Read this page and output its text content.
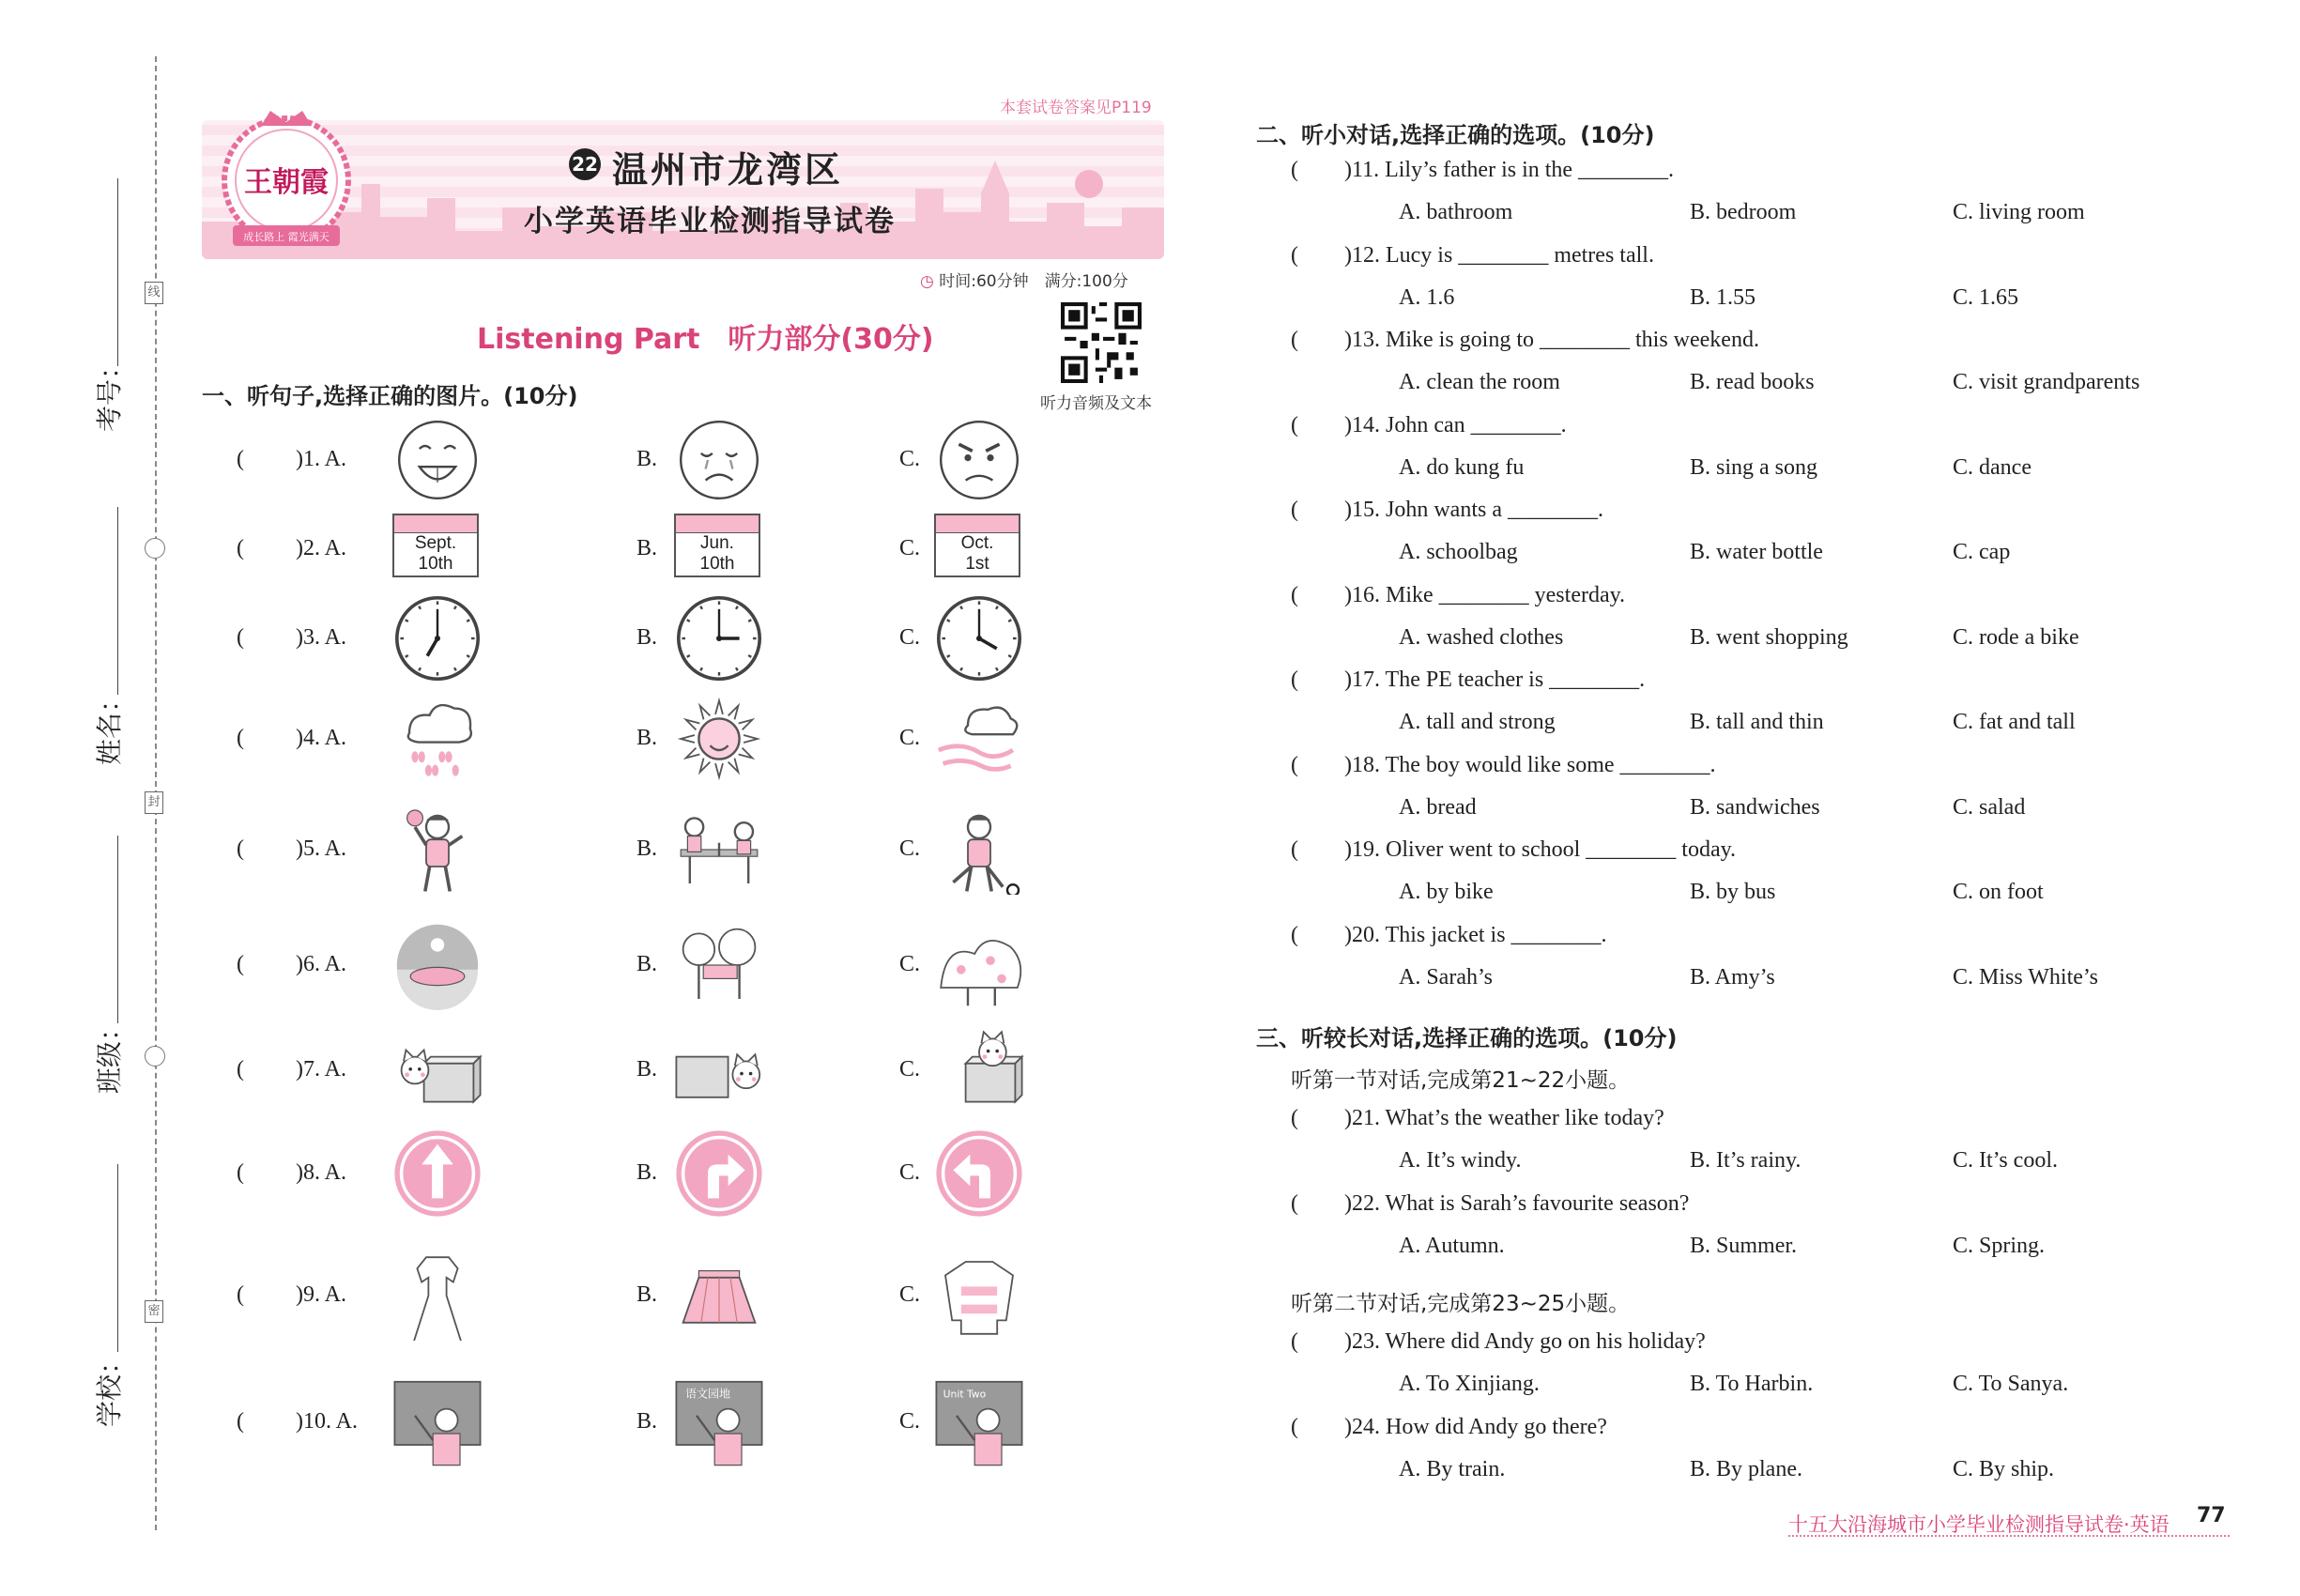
线
封
密
考号：
姓名：
班级：
学校：
本套试卷答案见P119
王朝霞
成长路上 霞光满天
22 温州市龙湾区
小学英语毕业检测指导试卷
◷ 时间:60分钟　满分:100分
听力音频及文本
Listening Part　听力部分(30分)
一、听句子,选择正确的图片。(10分)
( )1. A.	B.	C.
( )2. A.	B.	C.
Sept.
10th
Jun.
10th
Oct.
1st
( )3. A.	B.	C.
( )4. A.	B.	C.
( )5. A.	B.	C.
( )6. A.	B.	C.
( )7. A.	B.	C.
( )8. A.	B.	C.
( )9. A.	B.	C.
( )10. A.	B.	C.
语文园地	Unit Two
二、听小对话,选择正确的选项。(10分)
( )11. Lily’s father is in the ________.
A. bathroom	B. bedroom	C. living room
( )12. Lucy is ________ metres tall.
A. 1.6	B. 1.55	C. 1.65
( )13. Mike is going to ________ this weekend.
A. clean the room	B. read books	C. visit grandparents
( )14. John can ________.
A. do kung fu	B. sing a song	C. dance
( )15. John wants a ________.
A. schoolbag	B. water bottle	C. cap
( )16. Mike ________ yesterday.
A. washed clothes	B. went shopping	C. rode a bike
( )17. The PE teacher is ________.
A. tall and strong	B. tall and thin	C. fat and tall
( )18. The boy would like some ________.
A. bread	B. sandwiches	C. salad
( )19. Oliver went to school ________ today.
A. by bike	B. by bus	C. on foot
( )20. This jacket is ________.
A. Sarah’s	B. Amy’s	C. Miss White’s
三、听较长对话,选择正确的选项。(10分)
听第一节对话,完成第21~22小题。
听第二节对话,完成第23~25小题。
( )21. What’s the weather like today?
A. It’s windy.	B. It’s rainy.	C. It’s cool.
( )22. What is Sarah’s favourite season?
A. Autumn.	B. Summer.	C. Spring.
( )23. Where did Andy go on his holiday?
A. To Xinjiang.	B. To Harbin.	C. To Sanya.
( )24. How did Andy go there?
A. By train.	B. By plane.	C. By ship.
十五大沿海城市小学毕业检测指导试卷·英语 77
